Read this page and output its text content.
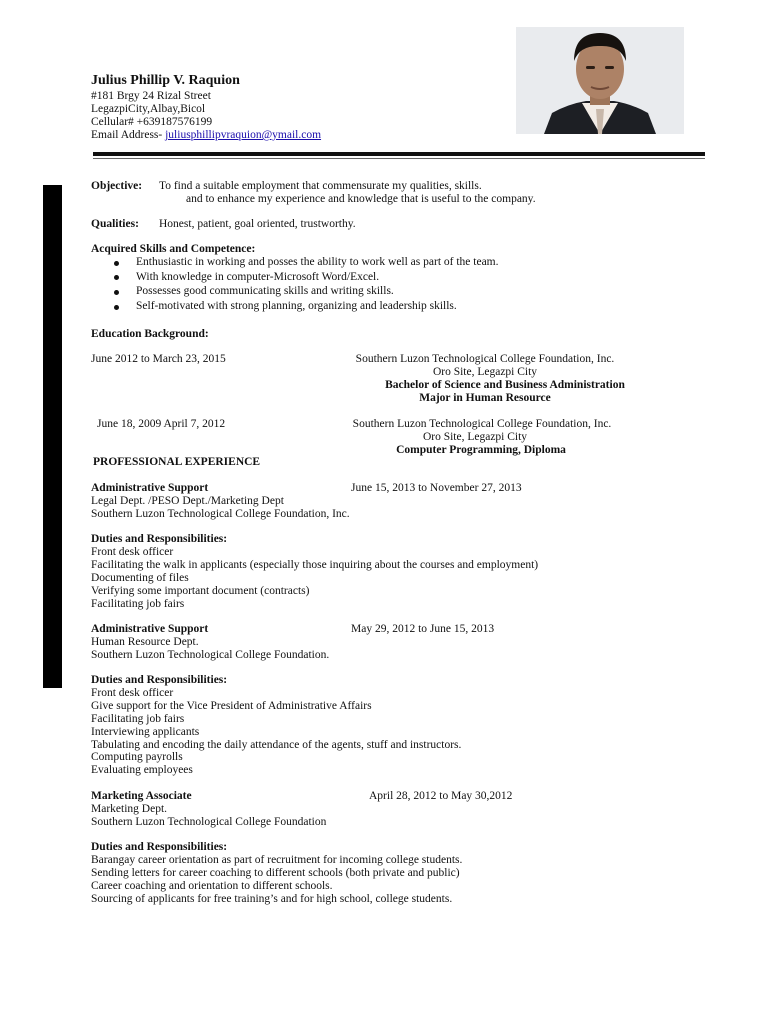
Julius Phillip V. Raquion
#181 Brgy 24 Rizal Street
LegazpiCity,Albay,Bicol
Cellular# +639187576199
Email Address- juliusphillipvraquion@ymail.com
Objective: To find a suitable employment that commensurate my qualities, skills.
and to enhance my experience and knowledge that is useful to the company.
Qualities: Honest, patient, goal oriented, trustworthy.
Acquired Skills and Competence:
Enthusiastic in working and posses the ability to work well as part of the team.
With knowledge in computer-Microsoft Word/Excel.
Possesses good communicating skills and writing skills.
Self-motivated with strong planning, organizing and leadership skills.
Education Background:
June 2012 to March 23, 2015	Southern Luzon Technological College Foundation, Inc.
Oro Site, Legazpi City
Bachelor of Science and Business Administration
Major in Human Resource
June 18, 2009 April 7, 2012	Southern Luzon Technological College Foundation, Inc.
Oro Site, Legazpi City
Computer Programming, Diploma
PROFESSIONAL EXPERIENCE
Administrative Support	June 15, 2013 to November 27, 2013
Legal Dept. /PESO Dept./Marketing Dept
Southern Luzon Technological College Foundation, Inc.
Duties and Responsibilities:
Front desk officer
Facilitating the walk in applicants (especially those inquiring about the courses and employment)
Documenting of files
Verifying some important document (contracts)
Facilitating job fairs
Administrative Support	May 29, 2012 to June 15, 2013
Human Resource Dept.
Southern Luzon Technological College Foundation.
Duties and Responsibilities:
Front desk officer
Give support for the Vice President of Administrative Affairs
Facilitating job fairs
Interviewing applicants
Tabulating and encoding the daily attendance of the agents, stuff and instructors.
Computing payrolls
Evaluating employees
Marketing Associate	April 28, 2012 to May 30,2012
Marketing Dept.
Southern Luzon Technological College Foundation
Duties and Responsibilities:
Barangay career orientation as part of recruitment for incoming college students.
Sending letters for career coaching to different schools (both private and public)
Career coaching and orientation to different schools.
Sourcing of applicants for free training’s and for high school, college students.
